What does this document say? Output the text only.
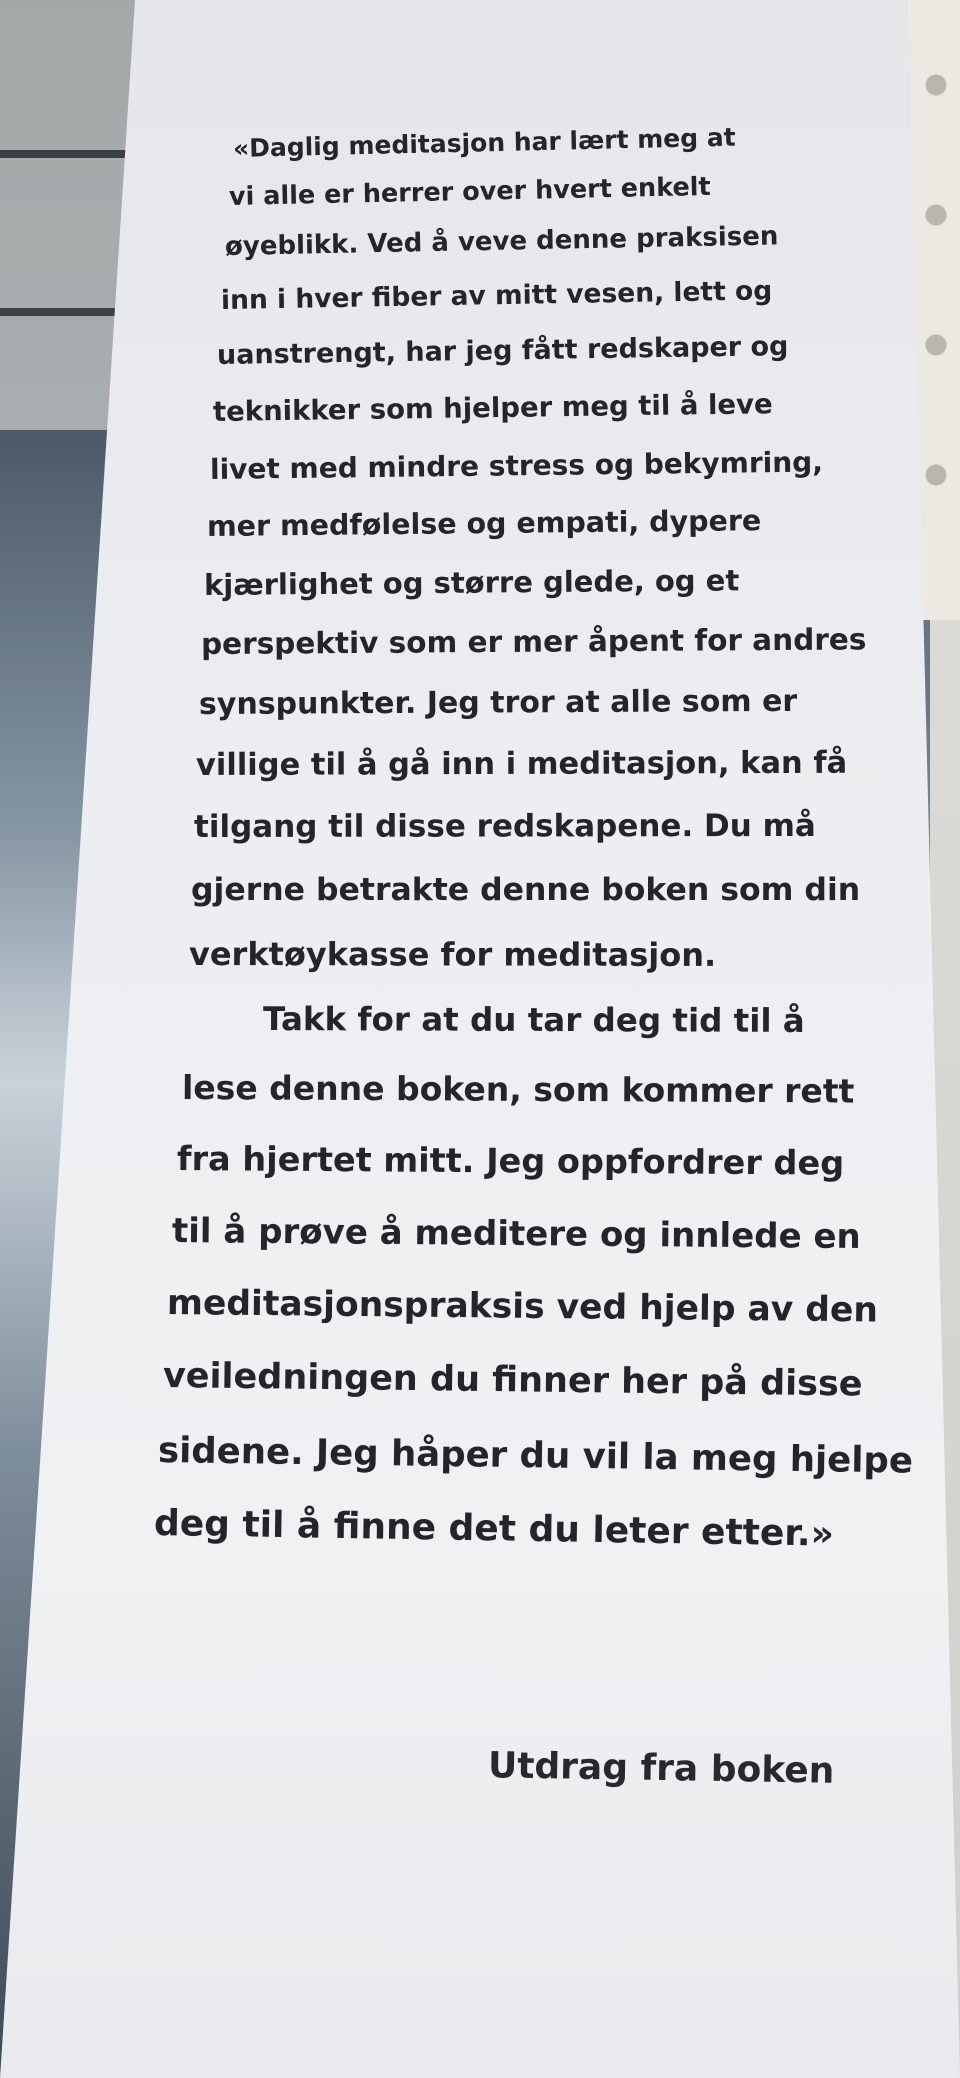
«Daglig meditasjon har lært meg at
vi alle er herrer over hvert enkelt
øyeblikk. Ved å veve denne praksisen
inn i hver fiber av mitt vesen, lett og
uanstrengt, har jeg fått redskaper og
teknikker som hjelper meg til å leve
livet med mindre stress og bekymring,
mer medfølelse og empati, dypere
kjærlighet og større glede, og et
perspektiv som er mer åpent for andres
synspunkter. Jeg tror at alle som er
villige til å gå inn i meditasjon, kan få
tilgang til disse redskapene. Du må
gjerne betrakte denne boken som din
verktøykasse for meditasjon.
Takk for at du tar deg tid til å
lese denne boken, som kommer rett
fra hjertet mitt. Jeg oppfordrer deg
til å prøve å meditere og innlede en
meditasjonspraksis ved hjelp av den
veiledningen du finner her på disse
sidene. Jeg håper du vil la meg hjelpe
deg til å finne det du leter etter.»
Utdrag fra boken
